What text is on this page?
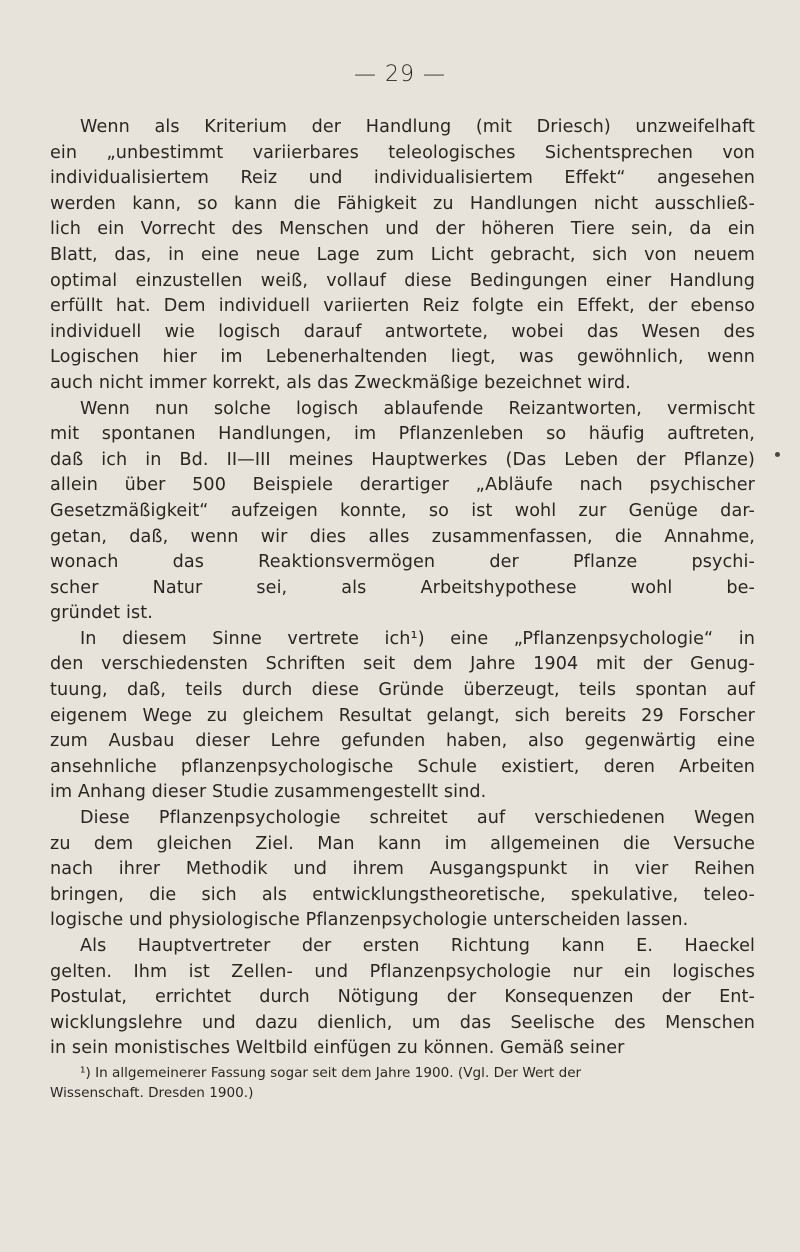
— 29 —
Wenn als Kriterium der Handlung (mit Driesch) unzweifelhaft
ein „unbestimmt variierbares teleologisches Sichentsprechen von
individualisiertem Reiz und individualisiertem Effekt“ angesehen
werden kann, so kann die Fähigkeit zu Handlungen nicht ausschließ-
lich ein Vorrecht des Menschen und der höheren Tiere sein, da ein
Blatt, das, in eine neue Lage zum Licht gebracht, sich von neuem
optimal einzustellen weiß, vollauf diese Bedingungen einer Handlung
erfüllt hat. Dem individuell variierten Reiz folgte ein Effekt, der ebenso
individuell wie logisch darauf antwortete, wobei das Wesen des
Logischen hier im Lebenerhaltenden liegt, was gewöhnlich, wenn
auch nicht immer korrekt, als das Zweckmäßige bezeichnet wird.
Wenn nun solche logisch ablaufende Reizantworten, vermischt
mit spontanen Handlungen, im Pflanzenleben so häufig auftreten,
daß ich in Bd. II—III meines Hauptwerkes (Das Leben der Pflanze)
allein über 500 Beispiele derartiger „Abläufe nach psychischer
Gesetzmäßigkeit“ aufzeigen konnte, so ist wohl zur Genüge dar-
getan, daß, wenn wir dies alles zusammenfassen, die Annahme,
wonach das Reaktionsvermögen der Pflanze psychi-
scher Natur sei, als Arbeitshypothese wohl be-
gründet ist.
In diesem Sinne vertrete ich¹) eine „Pflanzenpsychologie“ in
den verschiedensten Schriften seit dem Jahre 1904 mit der Genug-
tuung, daß, teils durch diese Gründe überzeugt, teils spontan auf
eigenem Wege zu gleichem Resultat gelangt, sich bereits 29 Forscher
zum Ausbau dieser Lehre gefunden haben, also gegenwärtig eine
ansehnliche pflanzenpsychologische Schule existiert, deren Arbeiten
im Anhang dieser Studie zusammengestellt sind.
Diese Pflanzenpsychologie schreitet auf verschiedenen Wegen
zu dem gleichen Ziel. Man kann im allgemeinen die Versuche
nach ihrer Methodik und ihrem Ausgangspunkt in vier Reihen
bringen, die sich als entwicklungstheoretische, spekulative, teleo-
logische und physiologische Pflanzenpsychologie unterscheiden lassen.
Als Hauptvertreter der ersten Richtung kann E. Haeckel
gelten. Ihm ist Zellen- und Pflanzenpsychologie nur ein logisches
Postulat, errichtet durch Nötigung der Konsequenzen der Ent-
wicklungslehre und dazu dienlich, um das Seelische des Menschen
in sein monistisches Weltbild einfügen zu können. Gemäß seiner
¹) In allgemeinerer Fassung sogar seit dem Jahre 1900. (Vgl. Der Wert der
Wissenschaft. Dresden 1900.)
